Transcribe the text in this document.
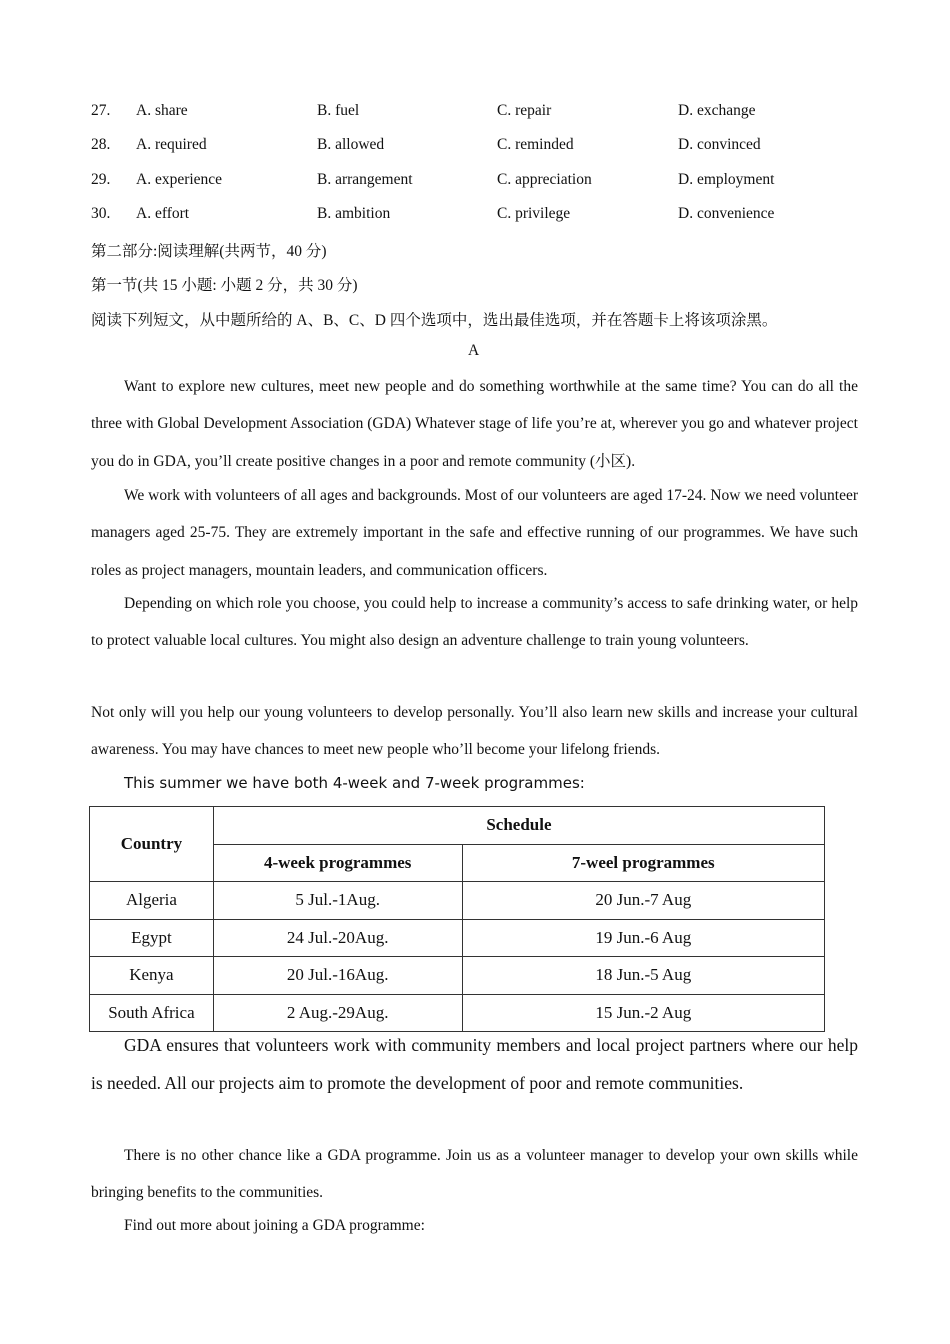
27. A. share	B. fuel	C. repair	D. exchange
28. A. required	B. allowed	C. reminded	D. convinced
29. A. experience	B. arrangement	C. appreciation	D. employment
30. A. effort	B. ambition	C. privilege	D. convenience
第二部分:阅读理解(共两节，40 分)
第一节(共 15 小题: 小题 2 分，共 30 分)
阅读下列短文，从中题所给的 A、B、C、D 四个选项中，选出最佳选项，并在答题卡上将该项涂黑。
A
Want to explore new cultures, meet new people and do something worthwhile at the same time? You can do all the three with Global Development Association (GDA) Whatever stage of life you’re at, wherever you go and whatever project you do in GDA, you’ll create positive changes in a poor and remote community (小区).
We work with volunteers of all ages and backgrounds. Most of our volunteers are aged 17-24. Now we need volunteer managers aged 25-75. They are extremely important in the safe and effective running of our programmes. We have such roles as project managers, mountain leaders, and communication officers.
Depending on which role you choose, you could help to increase a community’s access to safe drinking water, or help to protect valuable local cultures. You might also design an adventure challenge to train young volunteers.
Not only will you help our young volunteers to develop personally. You’ll also learn new skills and increase your cultural awareness. You may have chances to meet new people who’ll become your lifelong friends.
This summer we have both 4-week and 7-week programmes:
Country	Schedule	
	4-week programmes	7-weel programmes
Algeria	5 Jul.-1Aug.	20 Jun.-7 Aug
Egypt	24 Jul.-20Aug.	19 Jun.-6 Aug
Kenya	20 Jul.-16Aug.	18 Jun.-5 Aug
South Africa	2 Aug.-29Aug.	15 Jun.-2 Aug
GDA ensures that volunteers work with community members and local project partners where our help is needed. All our projects aim to promote the development of poor and remote communities.
There is no other chance like a GDA programme. Join us as a volunteer manager to develop your own skills while bringing benefits to the communities.
Find out more about joining a GDA programme:
